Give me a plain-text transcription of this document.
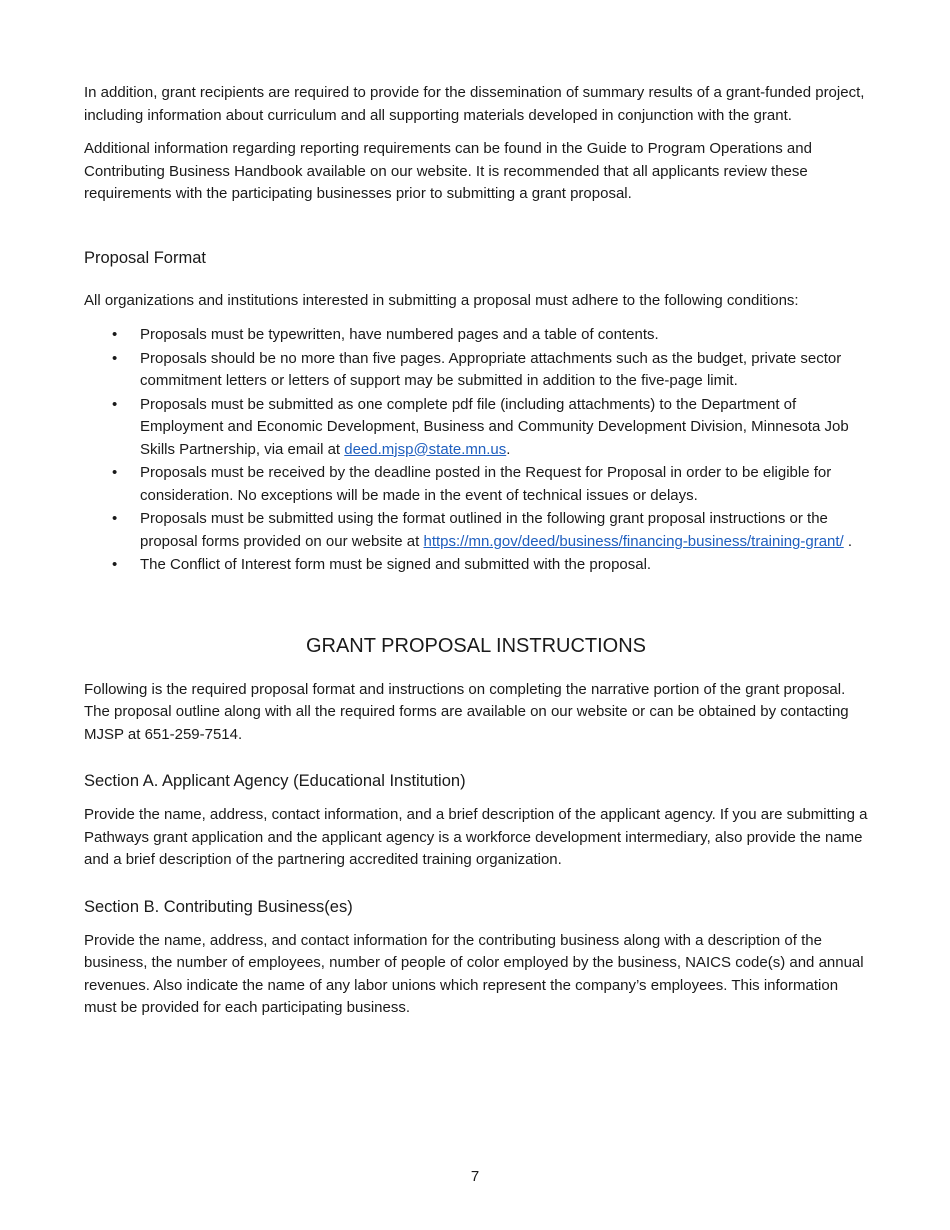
In addition, grant recipients are required to provide for the dissemination of summary results of a grant-funded project, including information about curriculum and all supporting materials developed in conjunction with the grant.

Additional information regarding reporting requirements can be found in the Guide to Program Operations and Contributing Business Handbook available on our website. It is recommended that all applicants review these requirements with the participating businesses prior to submitting a grant proposal.

Proposal Format

All organizations and institutions interested in submitting a proposal must adhere to the following conditions:

• Proposals must be typewritten, have numbered pages and a table of contents.
• Proposals should be no more than five pages. Appropriate attachments such as the budget, private sector commitment letters or letters of support may be submitted in addition to the five-page limit.
• Proposals must be submitted as one complete pdf file (including attachments) to the Department of Employment and Economic Development, Business and Community Development Division, Minnesota Job Skills Partnership, via email at deed.mjsp@state.mn.us.
• Proposals must be received by the deadline posted in the Request for Proposal in order to be eligible for consideration. No exceptions will be made in the event of technical issues or delays.
• Proposals must be submitted using the format outlined in the following grant proposal instructions or the proposal forms provided on our website at https://mn.gov/deed/business/financing-business/training-grant/ .
• The Conflict of Interest form must be signed and submitted with the proposal.
GRANT PROPOSAL INSTRUCTIONS

Following is the required proposal format and instructions on completing the narrative portion of the grant proposal. The proposal outline along with all the required forms are available on our website or can be obtained by contacting MJSP at 651-259-7514.

Section A. Applicant Agency (Educational Institution)

Provide the name, address, contact information, and a brief description of the applicant agency. If you are submitting a Pathways grant application and the applicant agency is a workforce development intermediary, also provide the name and a brief description of the partnering accredited training organization.

Section B. Contributing Business(es)

Provide the name, address, and contact information for the contributing business along with a description of the business, the number of employees, number of people of color employed by the business, NAICS code(s) and annual revenues. Also indicate the name of any labor unions which represent the company’s employees. This information must be provided for each participating business.

7
